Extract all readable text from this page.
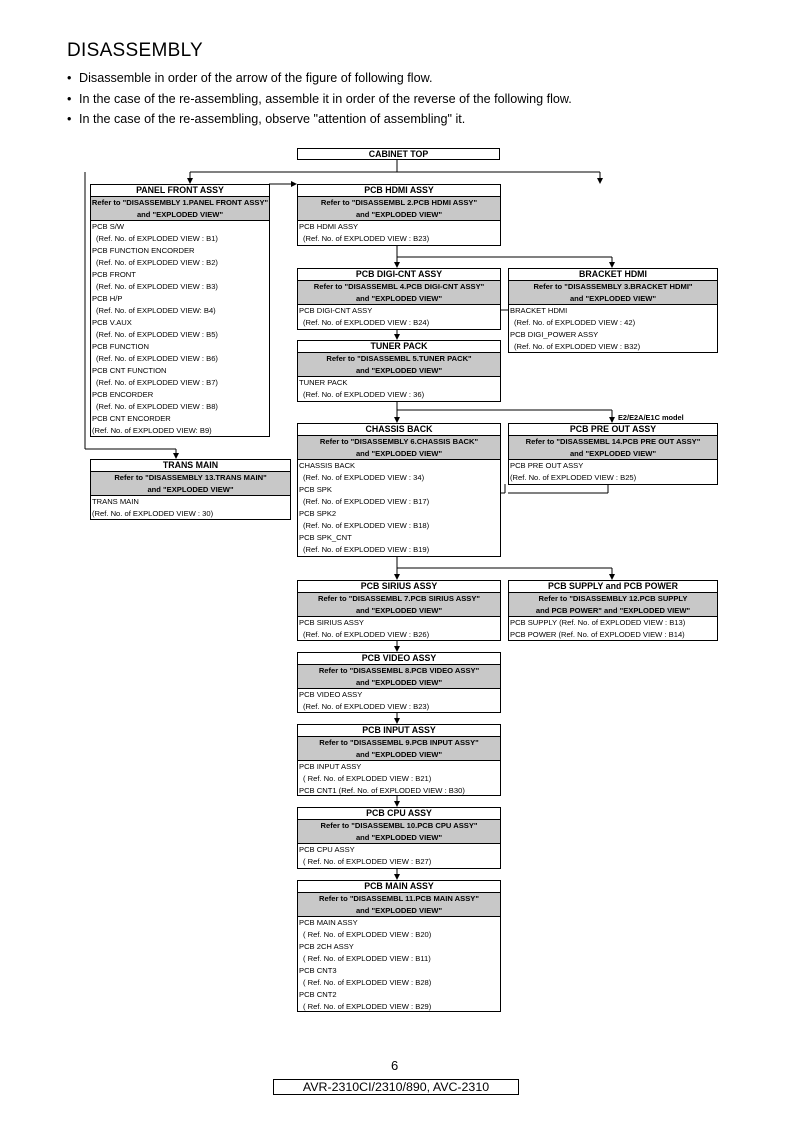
DISASSEMBLY
• Disassemble in order of the arrow of the figure of following flow.
• In the case of the re-assembling, assemble it in order of the reverse of the following flow.
• In the case of the re-assembling, observe "attention of assembling" it.
CABINET TOP
E2/E2A/E1C model
PANEL FRONT ASSY
Refer to "DISASSEMBLY 1.PANEL FRONT ASSY"
and "EXPLODED VIEW"
PCB S/W
(Ref. No. of EXPLODED VIEW : B1)
PCB FUNCTION ENCORDER
(Ref. No. of EXPLODED VIEW : B2)
PCB FRONT
(Ref. No. of EXPLODED VIEW : B3)
PCB H/P
(Ref. No. of EXPLODED VIEW: B4)
PCB V.AUX
(Ref. No. of EXPLODED VIEW : B5)
PCB FUNCTION
(Ref. No. of EXPLODED VIEW : B6)
PCB CNT FUNCTION
(Ref. No. of EXPLODED VIEW : B7)
PCB ENCORDER
(Ref. No. of EXPLODED VIEW : B8)
PCB CNT ENCORDER
(Ref. No. of EXPLODED VIEW: B9)
TRANS MAIN
Refer to "DISASSEMBLY 13.TRANS MAIN"
and "EXPLODED VIEW"
TRANS MAIN
(Ref. No. of EXPLODED VIEW : 30)
PCB HDMI ASSY
Refer to "DISASSEMBL 2.PCB HDMI ASSY"
and "EXPLODED VIEW"
PCB HDMI ASSY
(Ref. No. of EXPLODED VIEW : B23)
PCB DIGI-CNT ASSY
Refer to "DISASSEMBL 4.PCB DIGI-CNT ASSY"
and "EXPLODED VIEW"
PCB DIGI-CNT ASSY
(Ref. No. of EXPLODED VIEW : B24)
BRACKET HDMI
Refer to "DISASSEMBLY 3.BRACKET HDMI"
and "EXPLODED VIEW"
BRACKET HDMI
(Ref. No. of EXPLODED VIEW : 42)
PCB DIGI_POWER ASSY
(Ref. No. of EXPLODED VIEW : B32)
TUNER PACK
Refer to "DISASSEMBL 5.TUNER PACK"
and "EXPLODED VIEW"
TUNER PACK
(Ref. No. of EXPLODED VIEW : 36)
CHASSIS BACK
Refer to "DISASSEMBLY 6.CHASSIS BACK"
and "EXPLODED VIEW"
CHASSIS BACK
(Ref. No. of EXPLODED VIEW : 34)
PCB SPK
(Ref. No. of EXPLODED VIEW : B17)
PCB SPK2
(Ref. No. of EXPLODED VIEW : B18)
PCB SPK_CNT
(Ref. No. of EXPLODED VIEW : B19)
PCB PRE OUT ASSY
Refer to "DISASSEMBL 14.PCB PRE OUT ASSY"
and "EXPLODED VIEW"
PCB PRE OUT ASSY
(Ref. No. of EXPLODED VIEW : B25)
PCB SIRIUS ASSY
Refer to "DISASSEMBL 7.PCB SIRIUS ASSY"
and "EXPLODED VIEW"
PCB SIRIUS ASSY
(Ref. No. of EXPLODED VIEW : B26)
PCB SUPPLY and PCB POWER
Refer to "DISASSEMBLY 12.PCB SUPPLY
and PCB POWER" and "EXPLODED VIEW"
PCB SUPPLY (Ref. No. of EXPLODED VIEW : B13)
PCB POWER (Ref. No. of EXPLODED VIEW : B14)
PCB VIDEO ASSY
Refer to "DISASSEMBL 8.PCB VIDEO ASSY"
and "EXPLODED VIEW"
PCB VIDEO ASSY
(Ref. No. of EXPLODED VIEW : B23)
PCB INPUT ASSY
Refer to "DISASSEMBL 9.PCB INPUT ASSY"
and "EXPLODED VIEW"
PCB INPUT ASSY
( Ref. No. of EXPLODED VIEW : B21)
PCB CNT1 (Ref. No. of EXPLODED VIEW : B30)
PCB CPU ASSY
Refer to "DISASSEMBL 10.PCB CPU ASSY"
and "EXPLODED VIEW"
PCB CPU ASSY
( Ref. No. of EXPLODED VIEW : B27)
PCB MAIN ASSY
Refer to "DISASSEMBL 11.PCB MAIN ASSY"
and "EXPLODED VIEW"
PCB MAIN ASSY
( Ref. No. of EXPLODED VIEW : B20)
PCB 2CH ASSY
( Ref. No. of EXPLODED VIEW : B11)
PCB CNT3
( Ref. No. of EXPLODED VIEW : B28)
PCB CNT2
( Ref. No. of EXPLODED VIEW : B29)
6
AVR-2310CI/2310/890, AVC-2310
